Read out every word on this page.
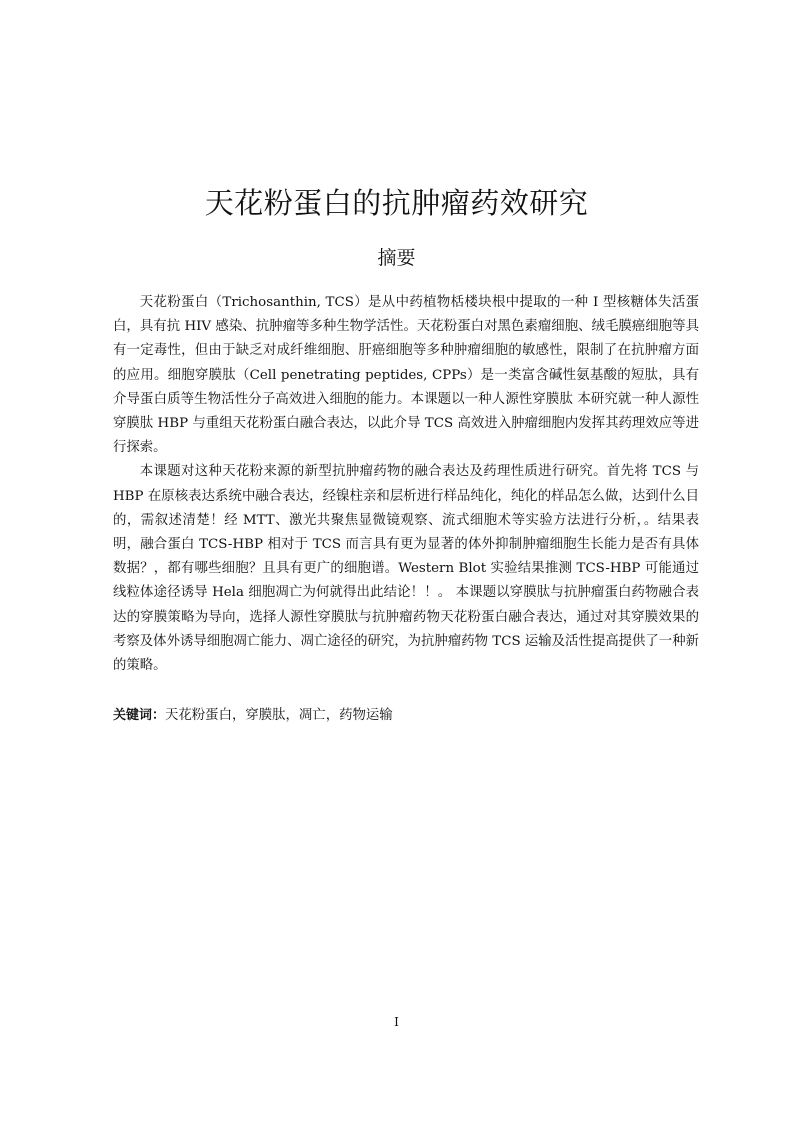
天花粉蛋白的抗肿瘤药效研究
摘要

天花粉蛋白（Trichosanthin, TCS）是从中药植物栝楼块根中提取的一种 I 型核糖体失活蛋白，具有抗 HIV 感染、抗肿瘤等多种生物学活性。天花粉蛋白对黑色素瘤细胞、绒毛膜癌细胞等具有一定毒性，但由于缺乏对成纤维细胞、肝癌细胞等多种肿瘤细胞的敏感性，限制了在抗肿瘤方面的应用。细胞穿膜肽（Cell penetrating peptides, CPPs）是一类富含碱性氨基酸的短肽，具有介导蛋白质等生物活性分子高效进入细胞的能力。本课题以一种人源性穿膜肽 本研究就一种人源性穿膜肽 HBP 与重组天花粉蛋白融合表达，以此介导 TCS 高效进入肿瘤细胞内发挥其药理效应等进行探索。

本课题对这种天花粉来源的新型抗肿瘤药物的融合表达及药理性质进行研究。首先将 TCS 与 HBP 在原核表达系统中融合表达，经镍柱亲和层析进行样品纯化，纯化的样品怎么做，达到什么目的，需叙述清楚！经 MTT、激光共聚焦显微镜观察、流式细胞术等实验方法进行分析，。结果表明，融合蛋白 TCS-HBP 相对于 TCS 而言具有更为显著的体外抑制肿瘤细胞生长能力是否有具体数据？，都有哪些细胞？且具有更广的细胞谱。Western Blot 实验结果推测 TCS-HBP 可能通过线粒体途径诱导 Hela 细胞凋亡为何就得出此结论！！。 本课题以穿膜肽与抗肿瘤蛋白药物融合表达的穿膜策略为导向，选择人源性穿膜肽与抗肿瘤药物天花粉蛋白融合表达，通过对其穿膜效果的考察及体外诱导细胞凋亡能力、凋亡途径的研究，为抗肿瘤药物 TCS 运输及活性提高提供了一种新的策略。

关键词：天花粉蛋白，穿膜肽，凋亡，药物运输
I
